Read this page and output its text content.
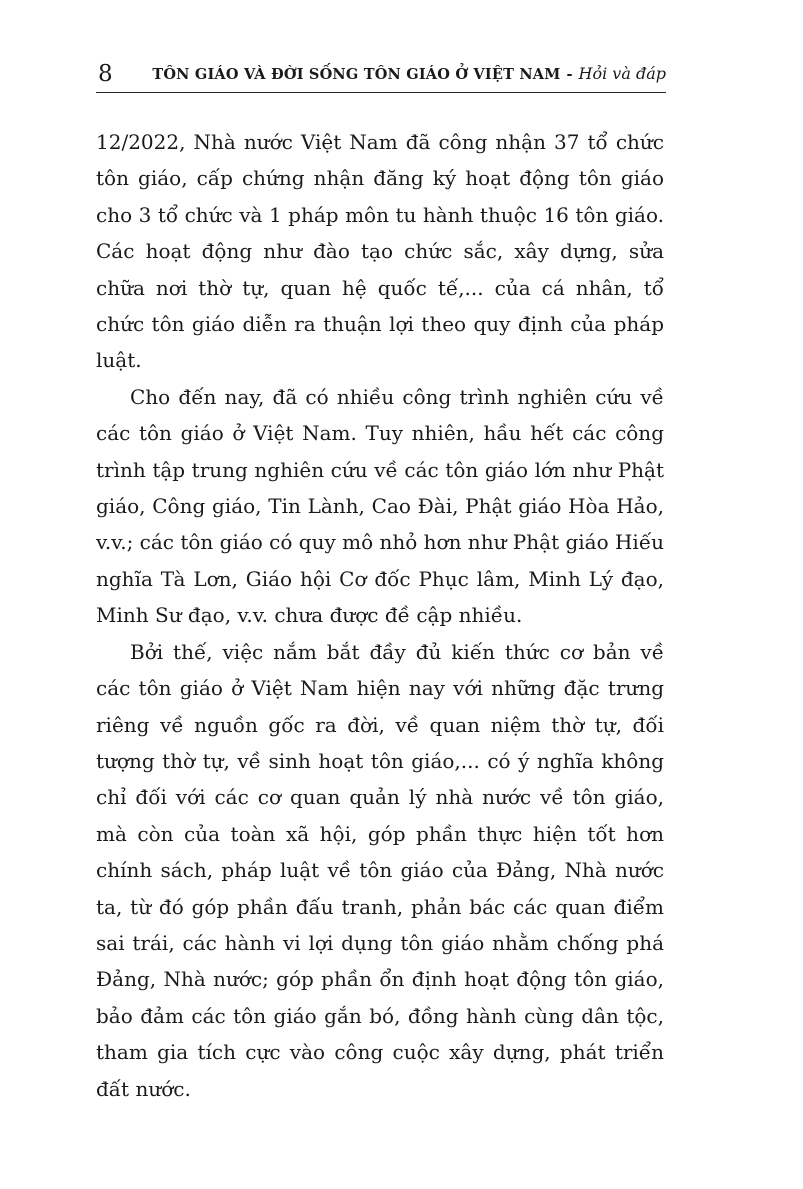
8	TÔN GIÁO VÀ ĐỜI SỐNG TÔN GIÁO Ở VIỆT NAM - Hỏi và đáp

12/2022, Nhà nước Việt Nam đã công nhận 37 tổ chức tôn giáo, cấp chứng nhận đăng ký hoạt động tôn giáo cho 3 tổ chức và 1 pháp môn tu hành thuộc 16 tôn giáo. Các hoạt động như đào tạo chức sắc, xây dựng, sửa chữa nơi thờ tự, quan hệ quốc tế,... của cá nhân, tổ chức tôn giáo diễn ra thuận lợi theo quy định của pháp luật.

Cho đến nay, đã có nhiều công trình nghiên cứu về các tôn giáo ở Việt Nam. Tuy nhiên, hầu hết các công trình tập trung nghiên cứu về các tôn giáo lớn như Phật giáo, Công giáo, Tin Lành, Cao Đài, Phật giáo Hòa Hảo, v.v.; các tôn giáo có quy mô nhỏ hơn như Phật giáo Hiếu nghĩa Tà Lơn, Giáo hội Cơ đốc Phục lâm, Minh Lý đạo, Minh Sư đạo, v.v. chưa được đề cập nhiều.

Bởi thế, việc nắm bắt đầy đủ kiến thức cơ bản về các tôn giáo ở Việt Nam hiện nay với những đặc trưng riêng về nguồn gốc ra đời, về quan niệm thờ tự, đối tượng thờ tự, về sinh hoạt tôn giáo,... có ý nghĩa không chỉ đối với các cơ quan quản lý nhà nước về tôn giáo, mà còn của toàn xã hội, góp phần thực hiện tốt hơn chính sách, pháp luật về tôn giáo của Đảng, Nhà nước ta, từ đó góp phần đấu tranh, phản bác các quan điểm sai trái, các hành vi lợi dụng tôn giáo nhằm chống phá Đảng, Nhà nước; góp phần ổn định hoạt động tôn giáo, bảo đảm các tôn giáo gắn bó, đồng hành cùng dân tộc, tham gia tích cực vào công cuộc xây dựng, phát triển đất nước.
